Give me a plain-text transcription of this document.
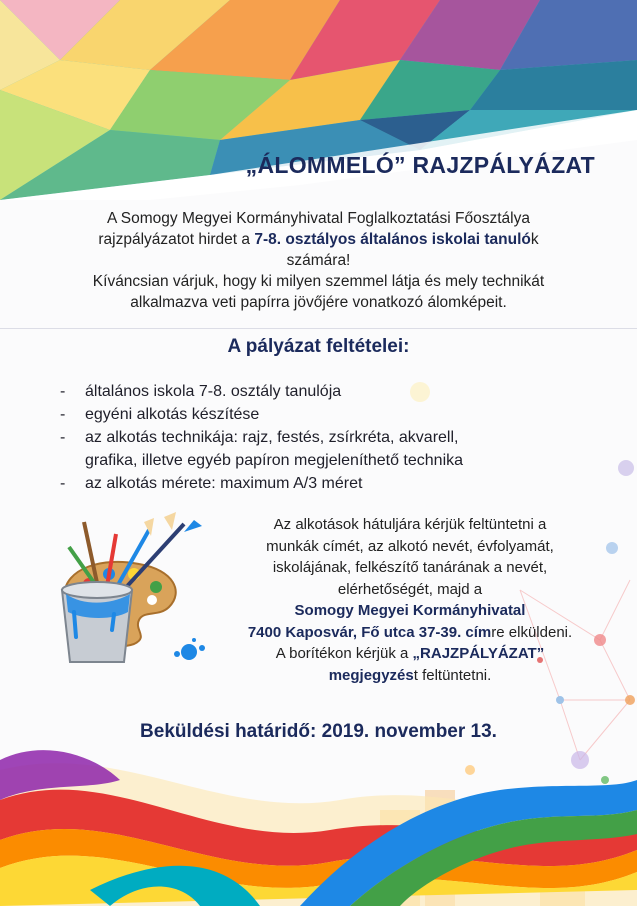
„ÁLOMMELÓ” RAJZPÁLYÁZAT
A Somogy Megyei Kormányhivatal Foglalkoztatási Főosztálya
rajzpályázatot hirdet a 7-8. osztályos általános iskolai tanulók
számára!
Kíváncsian várjuk, hogy ki milyen szemmel látja és mely technikát
alkalmazva veti papírra jövőjére vonatkozó álomképeit.
A pályázat feltételei:
- általános iskola 7-8. osztály tanulója
- egyéni alkotás készítése
- az alkotás technikája: rajz, festés, zsírkréta, akvarell,
grafika, illetve egyéb papíron megjeleníthető technika
- az alkotás mérete: maximum A/3 méret
Az alkotások hátuljára kérjük feltüntetni a
munkák címét, az alkotó nevét, évfolyamát,
iskolájának, felkészítő tanárának a nevét,
elérhetőségét, majd a
Somogy Megyei Kormányhivatal
7400 Kaposvár, Fő utca 37-39. címre elküldeni.
A borítékon kérjük a „RAJZPÁLYÁZAT”
megjegyzést feltüntetni.
Beküldési határidő: 2019. november 13.
